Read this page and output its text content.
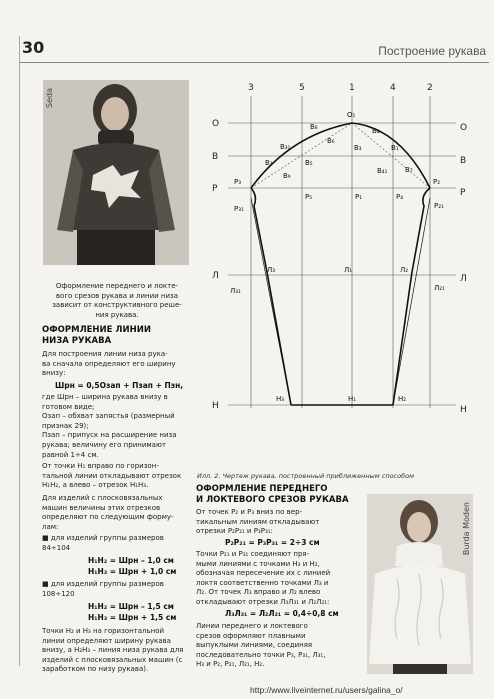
30	Построение рукава
Seda

Оформление переднего и локте-

вого срезов рукава и линии низа

зависит от конструктивного реше-

ния рукава.

ОФОРМЛЕНИЕ ЛИНИИ
НИЗА РУКАВА

Для построения линии низа рука-

ва сначала определяют его ширину

внизу:

Шрн = 0,5Озап + Пзап + Пзн,

где Шрн – ширина рукава внизу в

готовом виде;

Озап – обхват запястья (размерный

признак 29);

Пзап – припуск на расширение низа

рукава; величину его принимают

равной 1÷4 см.

От точки Н₁ вправо по горизон-

тальной линии откладывают отрезок

Н₁Н₂, а влево – отрезок Н₁Н₃.

Для изделий с плосковязальных

машин величины этих отрезков

определяют по следующим форму-

лам:

■ для изделий группы размеров

84÷104

Н₁Н₂ = Шрн – 1,0 см
Н₁Н₃ = Шрн + 1,0 см

■ для изделий группы размеров

108÷120

Н₁Н₂ = Шрн – 1,5 см
Н₁Н₃ = Шрн + 1,5 см

Точки Н₂ и Н₃ на горизонтальной

линии определяют ширину рукава

внизу, а Н₂Н₃ – линия низа рукава для

изделий с плосковязальных машин (с

заработком по низу рукава).

3	5	1	4	2
О
В
Р
Л
Н
О
В
Р
Л
Н
О₁
В₄
В₈
В₆
В₃
В₃₁	В₁
В₂	В₅
В₄₁
В₉
В₇
Р₃
Р₅	Р₁	Р₄
Р₂
Р₃₁	Р₂₁
Л₃	Л₁	Л₂
Л₃₁	Л₂₁
Н₃	Н₁	Н₂
Илл. 2. Чертеж рукава, построенный приближенным способом
ОФОРМЛЕНИЕ ПЕРЕДНЕГО
И ЛОКТЕВОГО СРЕЗОВ РУКАВА

От точек Р₂ и Р₃ вниз по вер-

тикальным линиям откладывают

отрезки Р₂Р₂₁ и Р₃Р₃₁:

Р₂Р₂₁ = Р₃Р₃₁ = 2÷3 см

Точки Р₂₁ и Р₃₁ соединяют пря-

мыми линиями с точками Н₃ и Н₂,

обозначая пересечение их с линией

локтя соответственно точками Л₃ и

Л₂. От точек Л₃ вправо и Л₂ влево

откладывают отрезки Л₃Л₃₁ и Л₂Л₂₁:

Л₃Л₃₁ = Л₂Л₂₁ = 0,4÷0,8 см

Линии переднего и локтевого

срезов оформляют плавными

выпуклыми линиями, соединяя

последовательно точки Р₃, Р₃₁, Л₃₁,

Н₃ и Р₂, Р₂₁, Л₂₁, Н₂.

Burda Moden
http://www.liveinternet.ru/users/galina_o/
